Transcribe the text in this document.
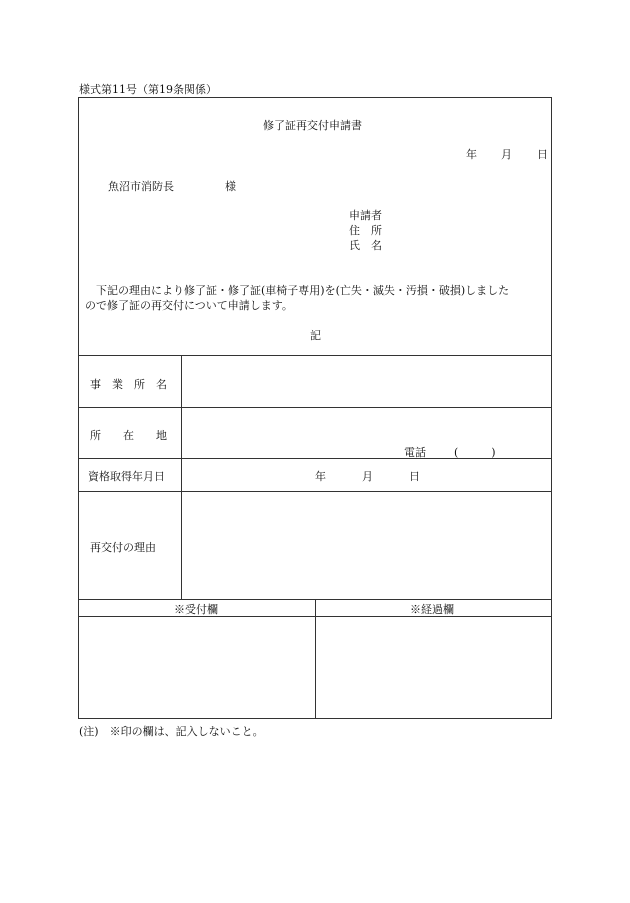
様式第11号（第19条関係）
修了証再交付申請書
年 月 日
魚沼市消防長	様
申請者
住　所
氏　名
下記の理由により修了証・修了証(車椅子専用)を(亡失・滅失・汚損・破損)しました
ので修了証の再交付について申請します。
記
事　業　所　名
所　　在　　地
電話	(　　　)
資格取得年月日	年	月	日
再交付の理由
※受付欄	※経過欄
(注)　※印の欄は、記入しないこと。
